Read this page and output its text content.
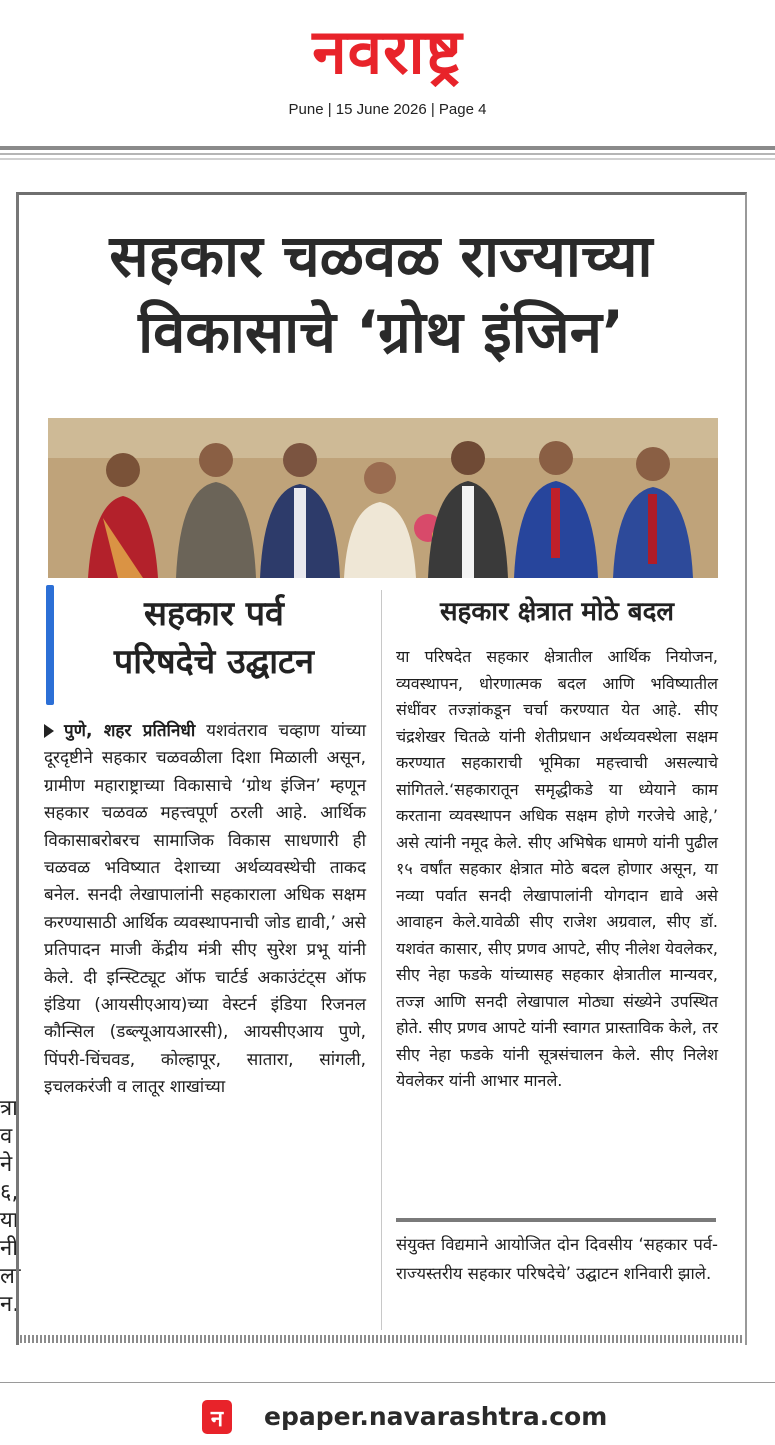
नवराष्ट्र
Pune | 15 June 2026 | Page 4
त्रा
व
ने
६,
या
नी
ला
न.
सहकार चळवळ राज्याच्या
विकासाचे ‘ग्रोथ इंजिन’
सहकार पर्व
परिषदेचे उद्घाटन
पुणे, शहर प्रतिनिधी यशवंतराव चव्हाण यांच्या दूरदृष्टीने सहकार चळवळीला दिशा मिळाली असून, ग्रामीण महाराष्ट्राच्या विकासाचे ‘ग्रोथ इंजिन’ म्हणून सहकार चळवळ महत्त्वपूर्ण ठरली आहे. आर्थिक विकासाबरोबरच सामाजिक विकास साधणारी ही चळवळ भविष्यात देशाच्या अर्थव्यवस्थेची ताकद बनेल. सनदी लेखापालांनी सहकाराला अधिक सक्षम करण्यासाठी आर्थिक व्यवस्थापनाची जोड द्यावी,’ असे प्रतिपादन माजी केंद्रीय मंत्री सीए सुरेश प्रभू यांनी केले. दी इन्स्टिट्यूट ऑफ चार्टर्ड अकाउंटंट्स ऑफ इंडिया (आयसीएआय)च्या वेस्टर्न इंडिया रिजनल कौन्सिल (डब्ल्यूआयआरसी), आयसीएआय पुणे, पिंपरी-चिंचवड, कोल्हापूर, सातारा, सांगली, इचलकरंजी व लातूर शाखांच्या
सहकार क्षेत्रात मोठे बदल
या परिषदेत सहकार क्षेत्रातील आर्थिक नियोजन, व्यवस्थापन, धोरणात्मक बदल आणि भविष्यातील संधींवर तज्ज्ञांकडून चर्चा करण्यात येत आहे. सीए चंद्रशेखर चितळे यांनी शेतीप्रधान अर्थव्यवस्थेला सक्षम करण्यात सहकाराची भूमिका महत्त्वाची असल्याचे सांगितले.‘सहकारातून समृद्धीकडे या ध्येयाने काम करताना व्यवस्थापन अधिक सक्षम होणे गरजेचे आहे,’ असे त्यांनी नमूद केले. सीए अभिषेक धामणे यांनी पुढील १५ वर्षांत सहकार क्षेत्रात मोठे बदल होणार असून, या नव्या पर्वात सनदी लेखापालांनी योगदान द्यावे असे आवाहन केले.यावेळी सीए राजेश अग्रवाल, सीए डॉ. यशवंत कासार, सीए प्रणव आपटे, सीए नीलेश येवलेकर, सीए नेहा फडके यांच्यासह सहकार क्षेत्रातील मान्यवर, तज्ज्ञ आणि सनदी लेखापाल मोठ्या संख्येने उपस्थित होते. सीए प्रणव आपटे यांनी स्वागत प्रास्ताविक केले, तर सीए नेहा फडके यांनी सूत्रसंचालन केले. सीए निलेश येवलेकर यांनी आभार मानले.
संयुक्त विद्यमाने आयोजित दोन दिवसीय ‘सहकार पर्व- राज्यस्तरीय सहकार परिषदेचे’ उद्घाटन शनिवारी झाले.
न epaper.navarashtra.com
